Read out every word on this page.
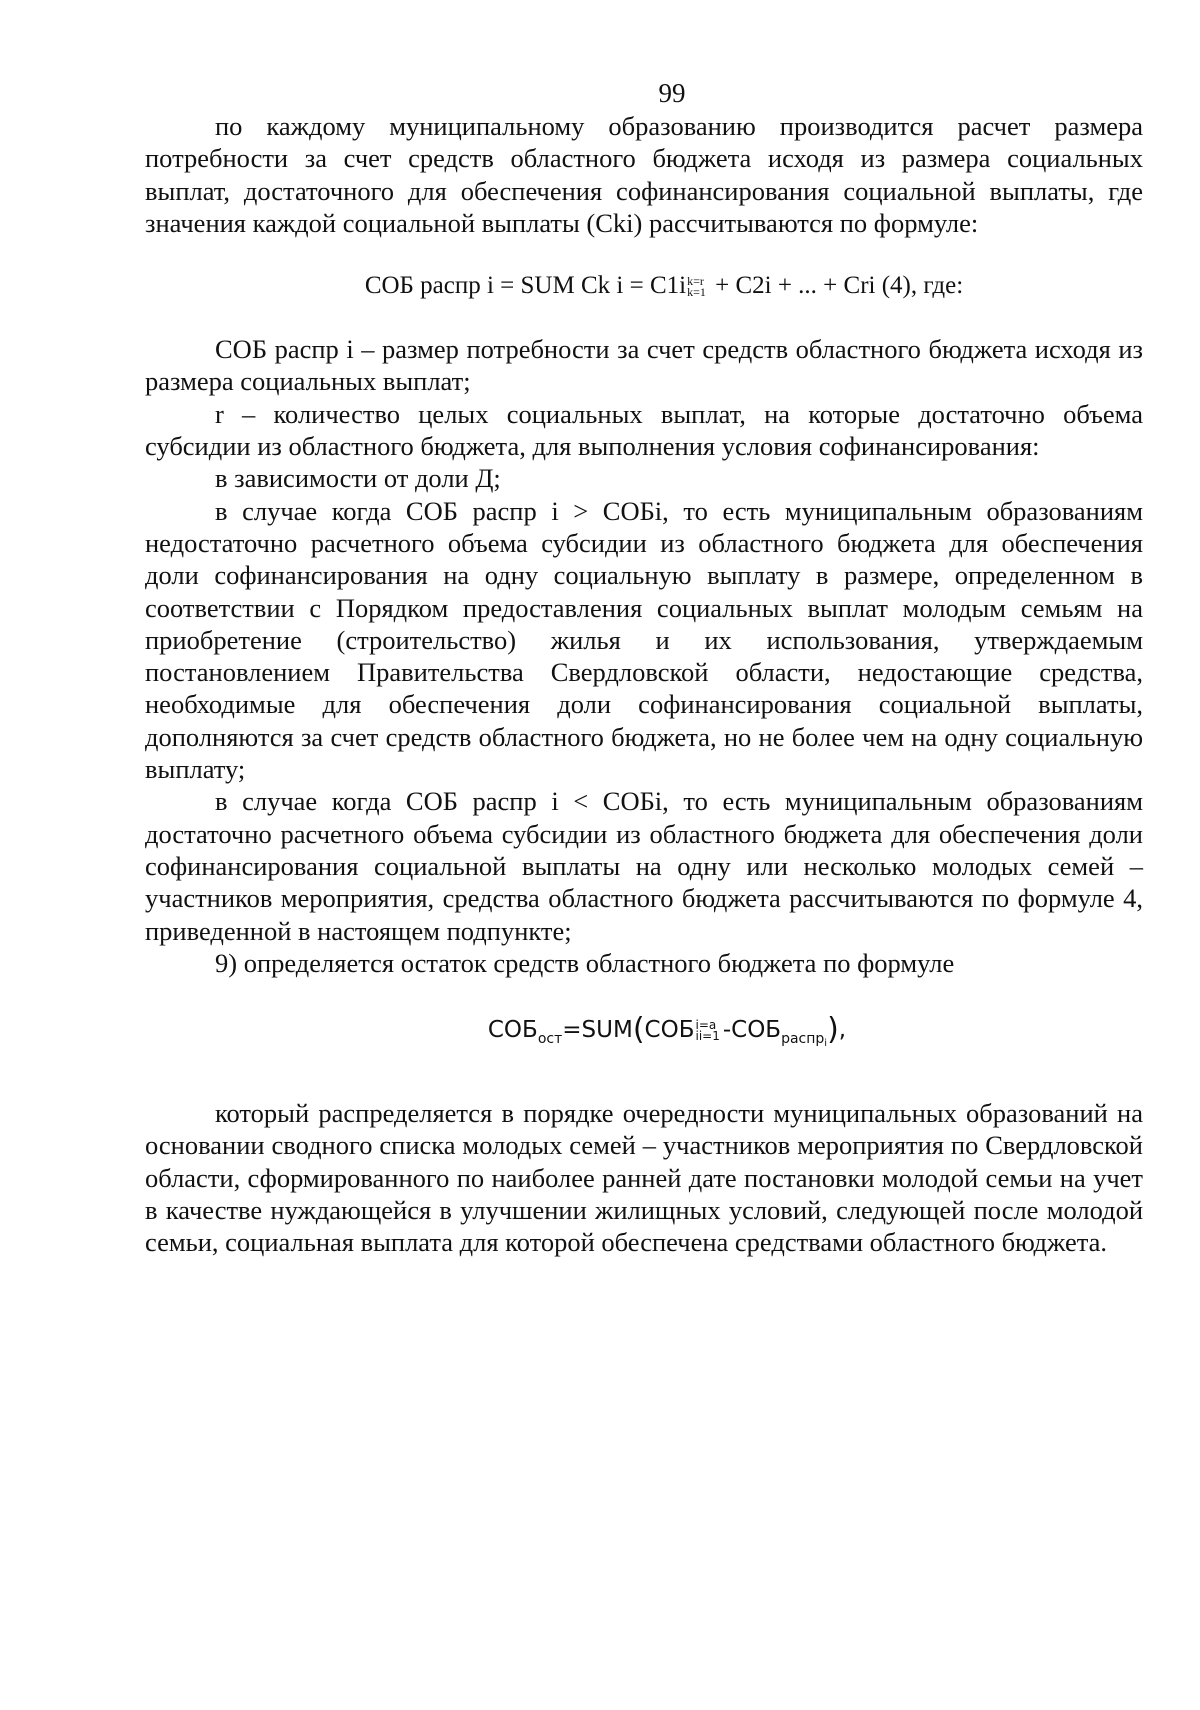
99

по каждому муниципальному образованию производится расчет размера потребности за счет средств областного бюджета исходя из размера социальных выплат, достаточного для обеспечения софинансирования социальной выплаты, где значения каждой социальной выплаты (Cki) рассчитываются по формуле:

СОБ распр i = SUM Ck i = C1i k=r
k=1 + C2i + ... + Cri (4), где:

СОБ распр i – размер потребности за счет средств областного бюджета исходя из размера социальных выплат;

r – количество целых социальных выплат, на которые достаточно объема субсидии из областного бюджета, для выполнения условия софинансирования:

в зависимости от доли Д;

в случае когда СОБ распр i > СОБi, то есть муниципальным образованиям недостаточно расчетного объема субсидии из областного бюджета для обеспечения доли софинансирования на одну социальную выплату в размере, определенном в соответствии с Порядком предоставления социальных выплат молодым семьям на приобретение (строительство) жилья и их использования, утверждаемым постановлением Правительства Свердловской области, недостающие средства, необходимые для обеспечения доли софинансирования социальной выплаты, дополняются за счет средств областного бюджета, но не более чем на одну социальную выплату;

в случае когда СОБ распр i < СОБi, то есть муниципальным образованиям достаточно расчетного объема субсидии из областного бюджета для обеспечения доли софинансирования социальной выплаты на одну или несколько молодых семей – участников мероприятия, средства областного бюджета рассчитываются по формуле 4, приведенной в настоящем подпункте;

9) определяется остаток средств областного бюджета по формуле

$СОБ_{ост}=SUM(СОБ$ i=a
ii=1 $-СОБ_{распр_i}$),

который распределяется в порядке очередности муниципальных образований на основании сводного списка молодых семей – участников мероприятия по Свердловской области, сформированного по наиболее ранней дате постановки молодой семьи на учет в качестве нуждающейся в улучшении жилищных условий, следующей после молодой семьи, социальная выплата для которой обеспечена средствами областного бюджета.
